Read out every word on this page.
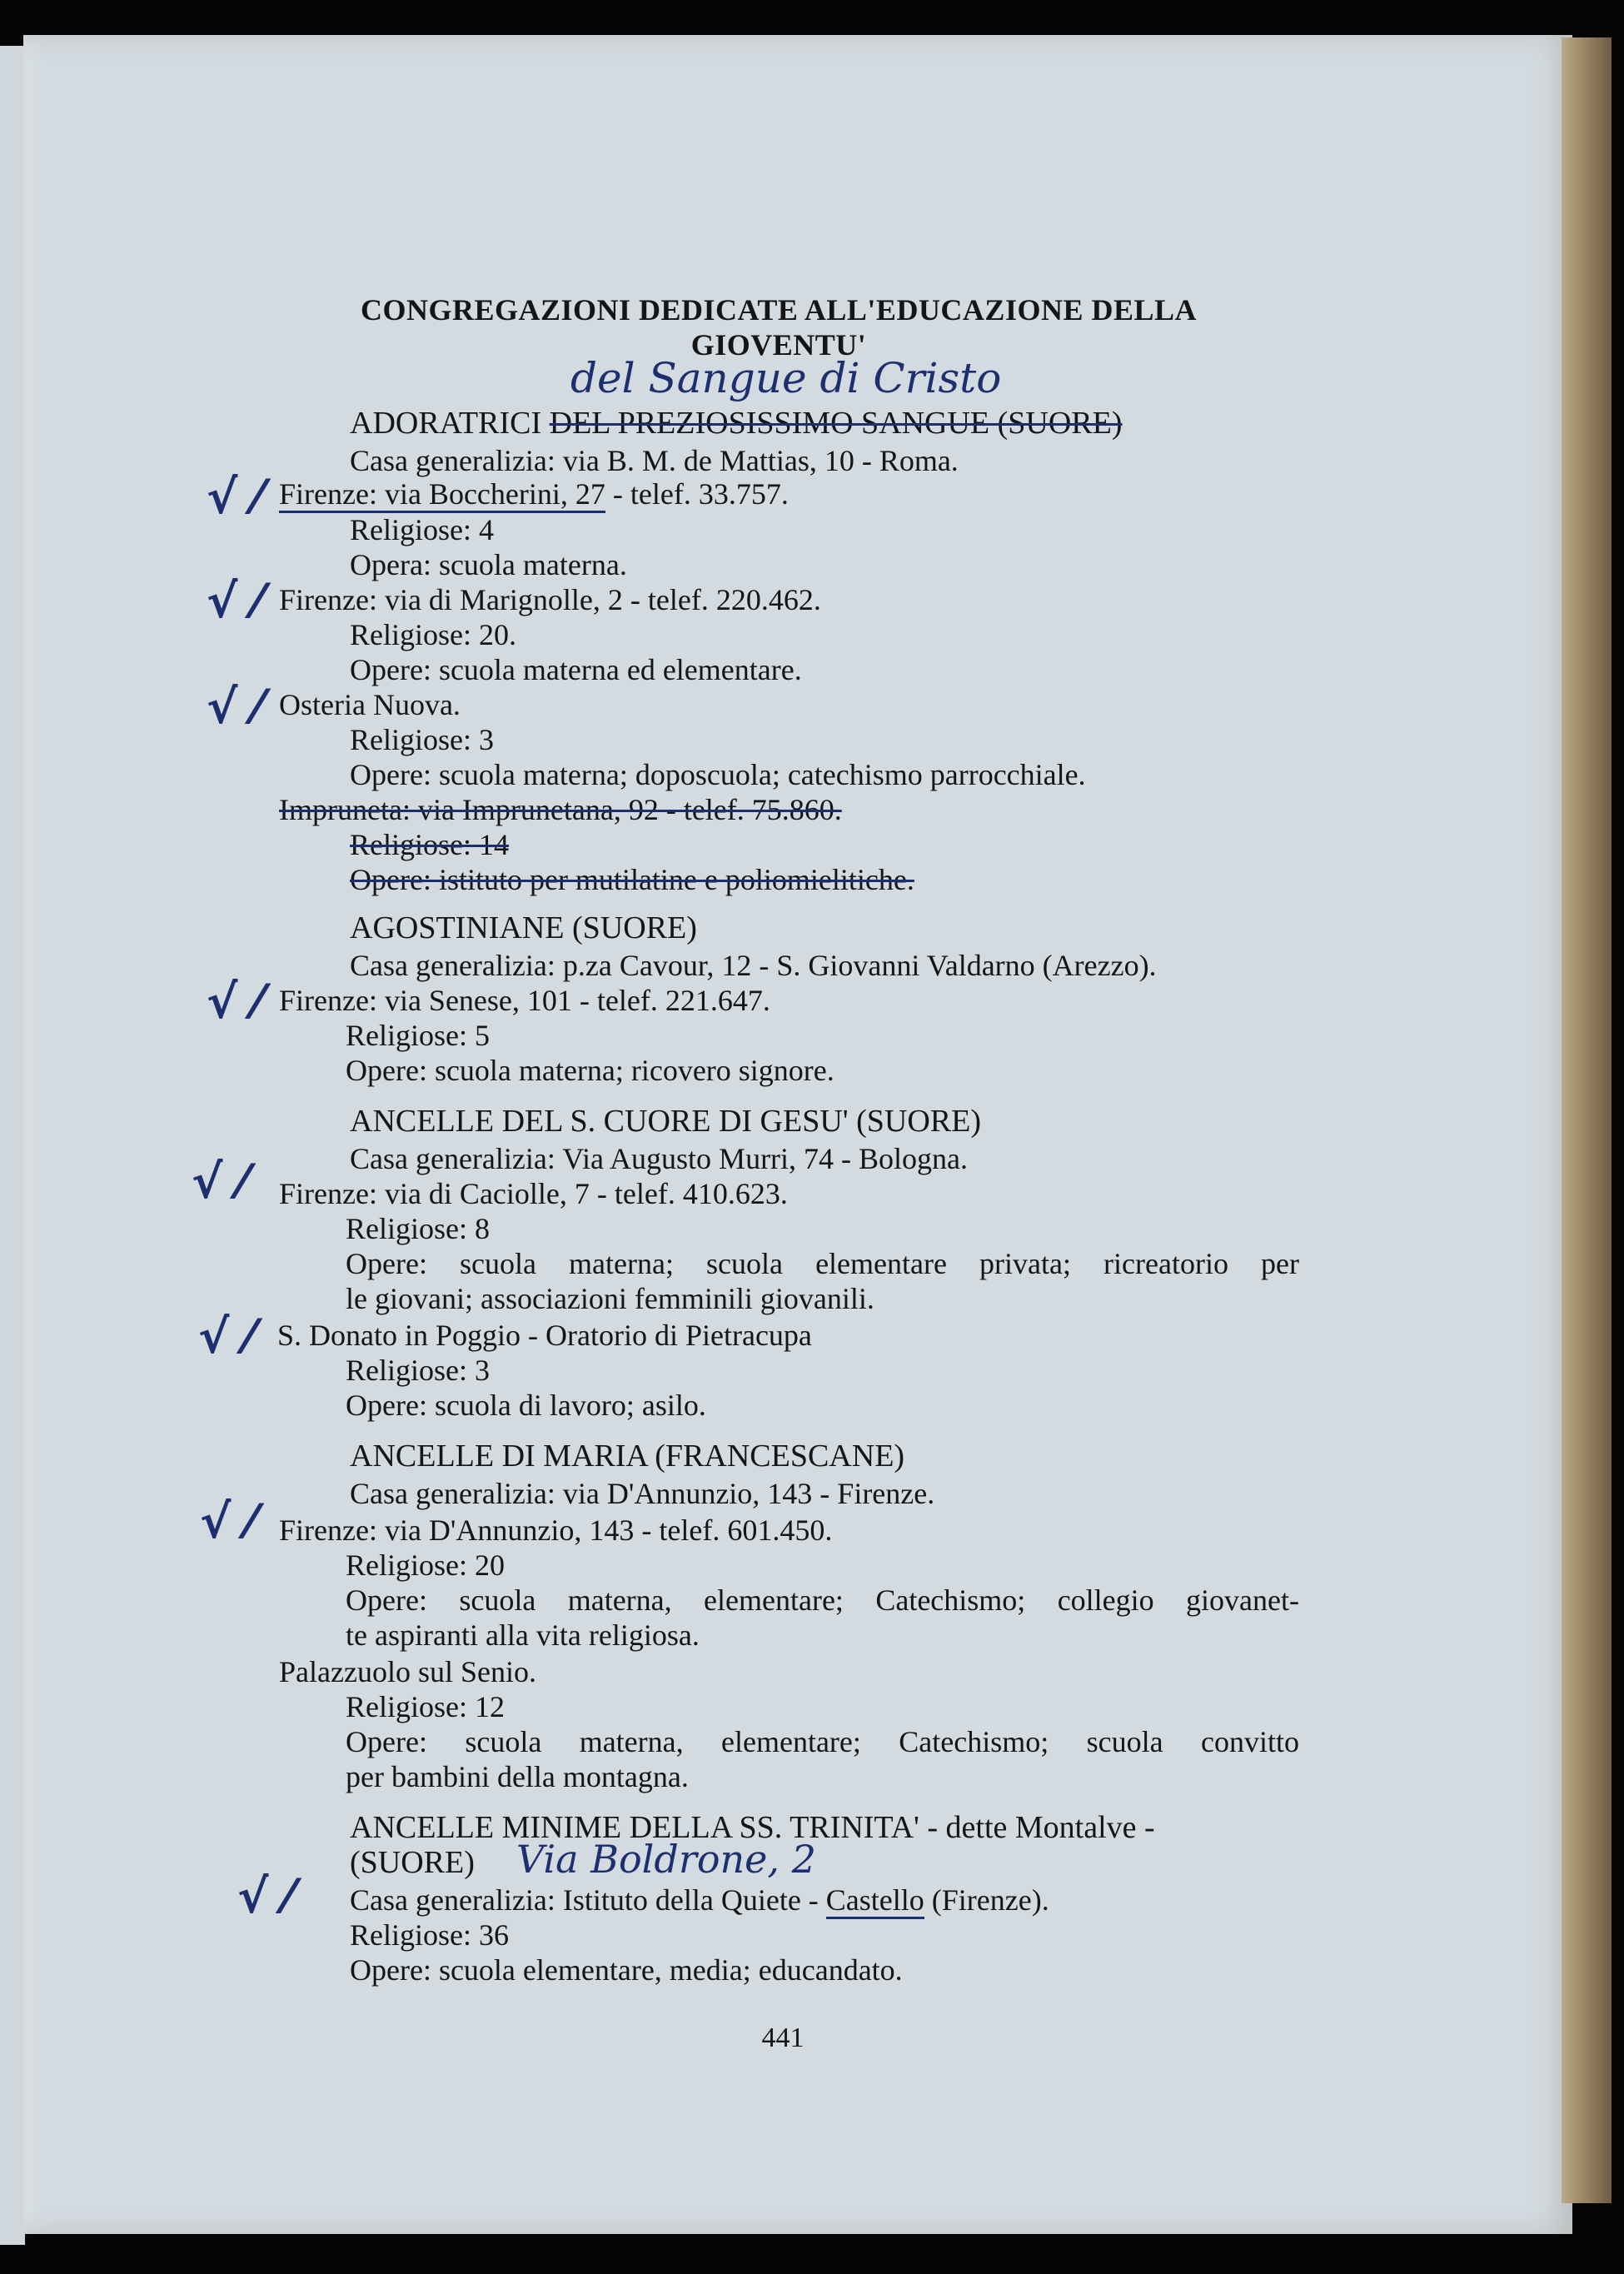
CONGREGAZIONI DEDICATE ALL'EDUCAZIONE DELLA
GIOVENTU'
del Sangue di Cristo
ADORATRICI DEL PREZIOSISSIMO SANGUE (SUORE)
Casa generalizia: via B. M. de Mattias, 10 - Roma.
√ ⁄ Firenze: via Boccherini, 27 - telef. 33.757.
Religiose: 4
Opera: scuola materna.
√ ⁄ Firenze: via di Marignolle, 2 - telef. 220.462.
Religiose: 20.
Opere: scuola materna ed elementare.
√ ⁄ Osteria Nuova.
Religiose: 3
Opere: scuola materna; doposcuola; catechismo parrocchiale.
Impruneta: via Imprunetana, 92 - telef. 75.860.
Religiose: 14
Opere: istituto per mutilatine e poliomielitiche.
AGOSTINIANE (SUORE)
Casa generalizia: p.za Cavour, 12 - S. Giovanni Valdarno (Arezzo).
√ ⁄ Firenze: via Senese, 101 - telef. 221.647.
Religiose: 5
Opere: scuola materna; ricovero signore.
ANCELLE DEL S. CUORE DI GESU' (SUORE)
Casa generalizia: Via Augusto Murri, 74 - Bologna.
√ ⁄ Firenze: via di Caciolle, 7 - telef. 410.623.
Religiose: 8
Opere: scuola materna; scuola elementare privata; ricreatorio per
le giovani; associazioni femminili giovanili.
√ ⁄ S. Donato in Poggio - Oratorio di Pietracupa
Religiose: 3
Opere: scuola di lavoro; asilo.
ANCELLE DI MARIA (FRANCESCANE)
Casa generalizia: via D'Annunzio, 143 - Firenze.
√ ⁄ Firenze: via D'Annunzio, 143 - telef. 601.450.
Religiose: 20
Opere: scuola materna, elementare; Catechismo; collegio giovanet-
te aspiranti alla vita religiosa.
Palazzuolo sul Senio.
Religiose: 12
Opere: scuola materna, elementare; Catechismo; scuola convitto
per bambini della montagna.
ANCELLE MINIME DELLA SS. TRINITA' - dette Montalve -
(SUORE) Via Boldrone, 2
√ ⁄ Casa generalizia: Istituto della Quiete - Castello (Firenze).
Religiose: 36
Opere: scuola elementare, media; educandato.
441
